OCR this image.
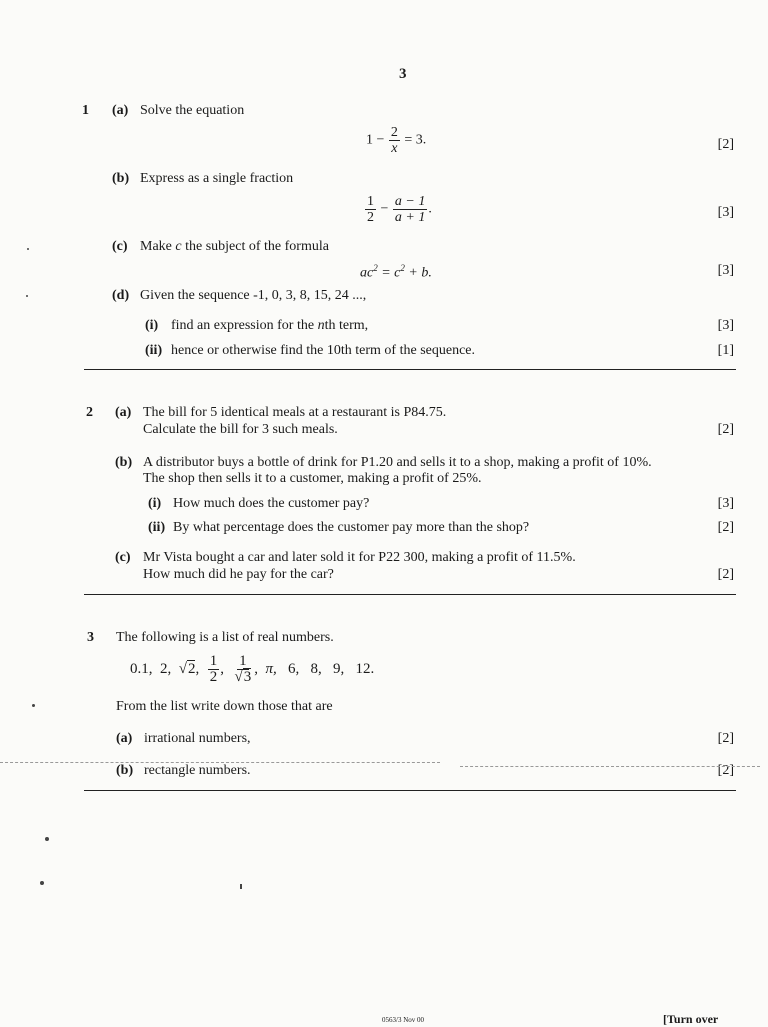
3
1 (a) Solve the equation
$1 - \frac{2}{x} = 3$.	[2]
(b) Express as a single fraction
$\frac{1}{2} - \frac{a - 1}{a + 1}$ .	[3]
(c) Make c the subject of the formula
$ac^2 = c^2 + b$.	[3]
(d) Given the sequence -1, 0, 3, 8, 15, 24 ...,
(i) find an expression for the nth term,	[3]
(ii) hence or otherwise find the 10th term of the sequence.	[1]
2 (a) The bill for 5 identical meals at a restaurant is P84.75.
Calculate the bill for 3 such meals.	[2]
(b) A distributor buys a bottle of drink for P1.20 and sells it to a shop, making a profit of 10%.
The shop then sells it to a customer, making a profit of 25%.
(i) How much does the customer pay?	[3]
(ii) By what percentage does the customer pay more than the shop?	[2]
(c) Mr Vista bought a car and later sold it for P22 300, making a profit of 11.5%.
How much did he pay for the car?	[2]
3 The following is a list of real numbers.
0.1, 2, √2, $\frac{1}{2}$ , $\frac{1}{√3}$ ,  π, 6, 8, 9, 12.
From the list write down those that are
(a) irrational numbers,	[2]
(b) rectangle numbers.	[2]
0563/3 Nov 00	[Turn over
